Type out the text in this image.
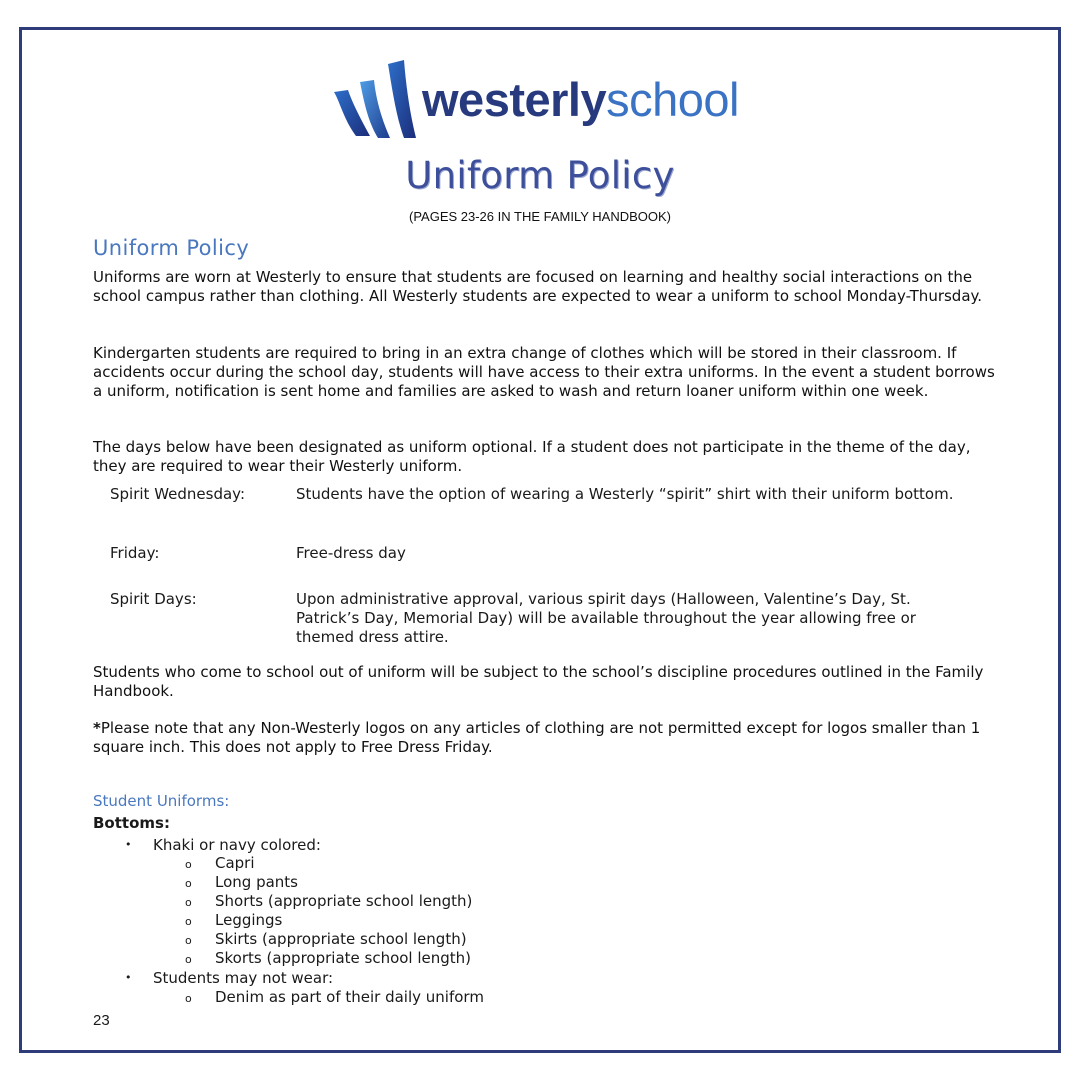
westerlyschool
Uniform Policy
(PAGES 23-26 IN THE FAMILY HANDBOOK)
Uniform Policy
Uniforms are worn at Westerly to ensure that students are focused on learning and healthy social interactions on the school campus rather than clothing. All Westerly students are expected to wear a uniform to school Monday-Thursday.
Kindergarten students are required to bring in an extra change of clothes which will be stored in their classroom. If accidents occur during the school day, students will have access to their extra uniforms. In the event a student borrows a uniform, notification is sent home and families are asked to wash and return loaner uniform within one week.
The days below have been designated as uniform optional. If a student does not participate in the theme of the day, they are required to wear their Westerly uniform.
Spirit Wednesday:	Students have the option of wearing a Westerly “spirit” shirt with their uniform bottom.
Friday:	Free-dress day
Spirit Days:	Upon administrative approval, various spirit days (Halloween, Valentine’s Day, St. Patrick’s Day, Memorial Day) will be available throughout the year allowing free or themed dress attire.
Students who come to school out of uniform will be subject to the school’s discipline procedures outlined in the Family Handbook.
*Please note that any Non-Westerly logos on any articles of clothing are not permitted except for logos smaller than 1 square inch. This does not apply to Free Dress Friday.
Student Uniforms:
Bottoms:
• Khaki or navy colored:
o Capri
o Long pants
o Shorts (appropriate school length)
o Leggings
o Skirts (appropriate school length)
o Skorts (appropriate school length)
• Students may not wear:
o Denim as part of their daily uniform
23
